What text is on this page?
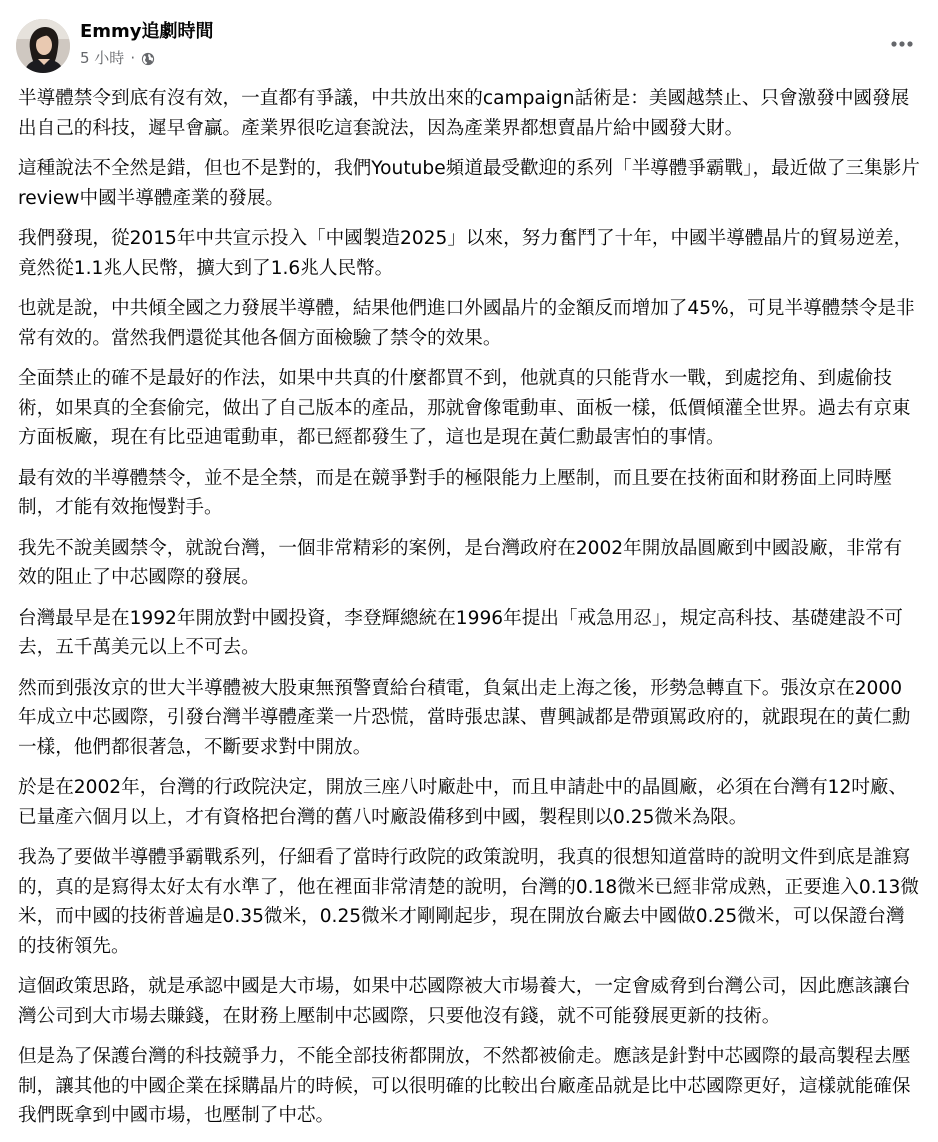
Emmy追劇時間
5 小時 ·

半導體禁令到底有沒有效，一直都有爭議，中共放出來的campaign話術是：美國越禁止、只會激發中國發展出自己的科技，遲早會贏。產業界很吃這套說法，因為產業界都想賣晶片給中國發大財。

這種說法不全然是錯，但也不是對的，我們Youtube頻道最受歡迎的系列「半導體爭霸戰」，最近做了三集影片review中國半導體產業的發展。

我們發現，從2015年中共宣示投入「中國製造2025」以來，努力奮鬥了十年，中國半導體晶片的貿易逆差，竟然從1.1兆人民幣，擴大到了1.6兆人民幣。

也就是說，中共傾全國之力發展半導體，結果他們進口外國晶片的金額反而增加了45%，可見半導體禁令是非常有效的。當然我們還從其他各個方面檢驗了禁令的效果。

全面禁止的確不是最好的作法，如果中共真的什麼都買不到，他就真的只能背水一戰，到處挖角、到處偷技術，如果真的全套偷完，做出了自己版本的產品，那就會像電動車、面板一樣，低價傾灌全世界。過去有京東方面板廠，現在有比亞迪電動車，都已經都發生了，這也是現在黃仁勳最害怕的事情。

最有效的半導體禁令，並不是全禁，而是在競爭對手的極限能力上壓制，而且要在技術面和財務面上同時壓制，才能有效拖慢對手。

我先不說美國禁令，就說台灣，一個非常精彩的案例，是台灣政府在2002年開放晶圓廠到中國設廠，非常有效的阻止了中芯國際的發展。

台灣最早是在1992年開放對中國投資，李登輝總統在1996年提出「戒急用忍」，規定高科技、基礎建設不可去，五千萬美元以上不可去。

然而到張汝京的世大半導體被大股東無預警賣給台積電，負氣出走上海之後，形勢急轉直下。張汝京在2000年成立中芯國際，引發台灣半導體產業一片恐慌，當時張忠謀、曹興誠都是帶頭罵政府的，就跟現在的黃仁勳一樣，他們都很著急，不斷要求對中開放。

於是在2002年，台灣的行政院決定，開放三座八吋廠赴中，而且申請赴中的晶圓廠，必須在台灣有12吋廠、已量產六個月以上，才有資格把台灣的舊八吋廠設備移到中國，製程則以0.25微米為限。

我為了要做半導體爭霸戰系列，仔細看了當時行政院的政策說明，我真的很想知道當時的說明文件到底是誰寫的，真的是寫得太好太有水準了，他在裡面非常清楚的說明，台灣的0.18微米已經非常成熟，正要進入0.13微米，而中國的技術普遍是0.35微米，0.25微米才剛剛起步，現在開放台廠去中國做0.25微米，可以保證台灣的技術領先。

這個政策思路，就是承認中國是大市場，如果中芯國際被大市場養大，一定會威脅到台灣公司，因此應該讓台灣公司到大市場去賺錢，在財務上壓制中芯國際，只要他沒有錢，就不可能發展更新的技術。

但是為了保護台灣的科技競爭力，不能全部技術都開放，不然都被偷走。應該是針對中芯國際的最高製程去壓制，讓其他的中國企業在採購晶片的時候，可以很明確的比較出台廠產品就是比中芯國際更好，這樣就能確保我們既拿到中國市場，也壓制了中芯。
